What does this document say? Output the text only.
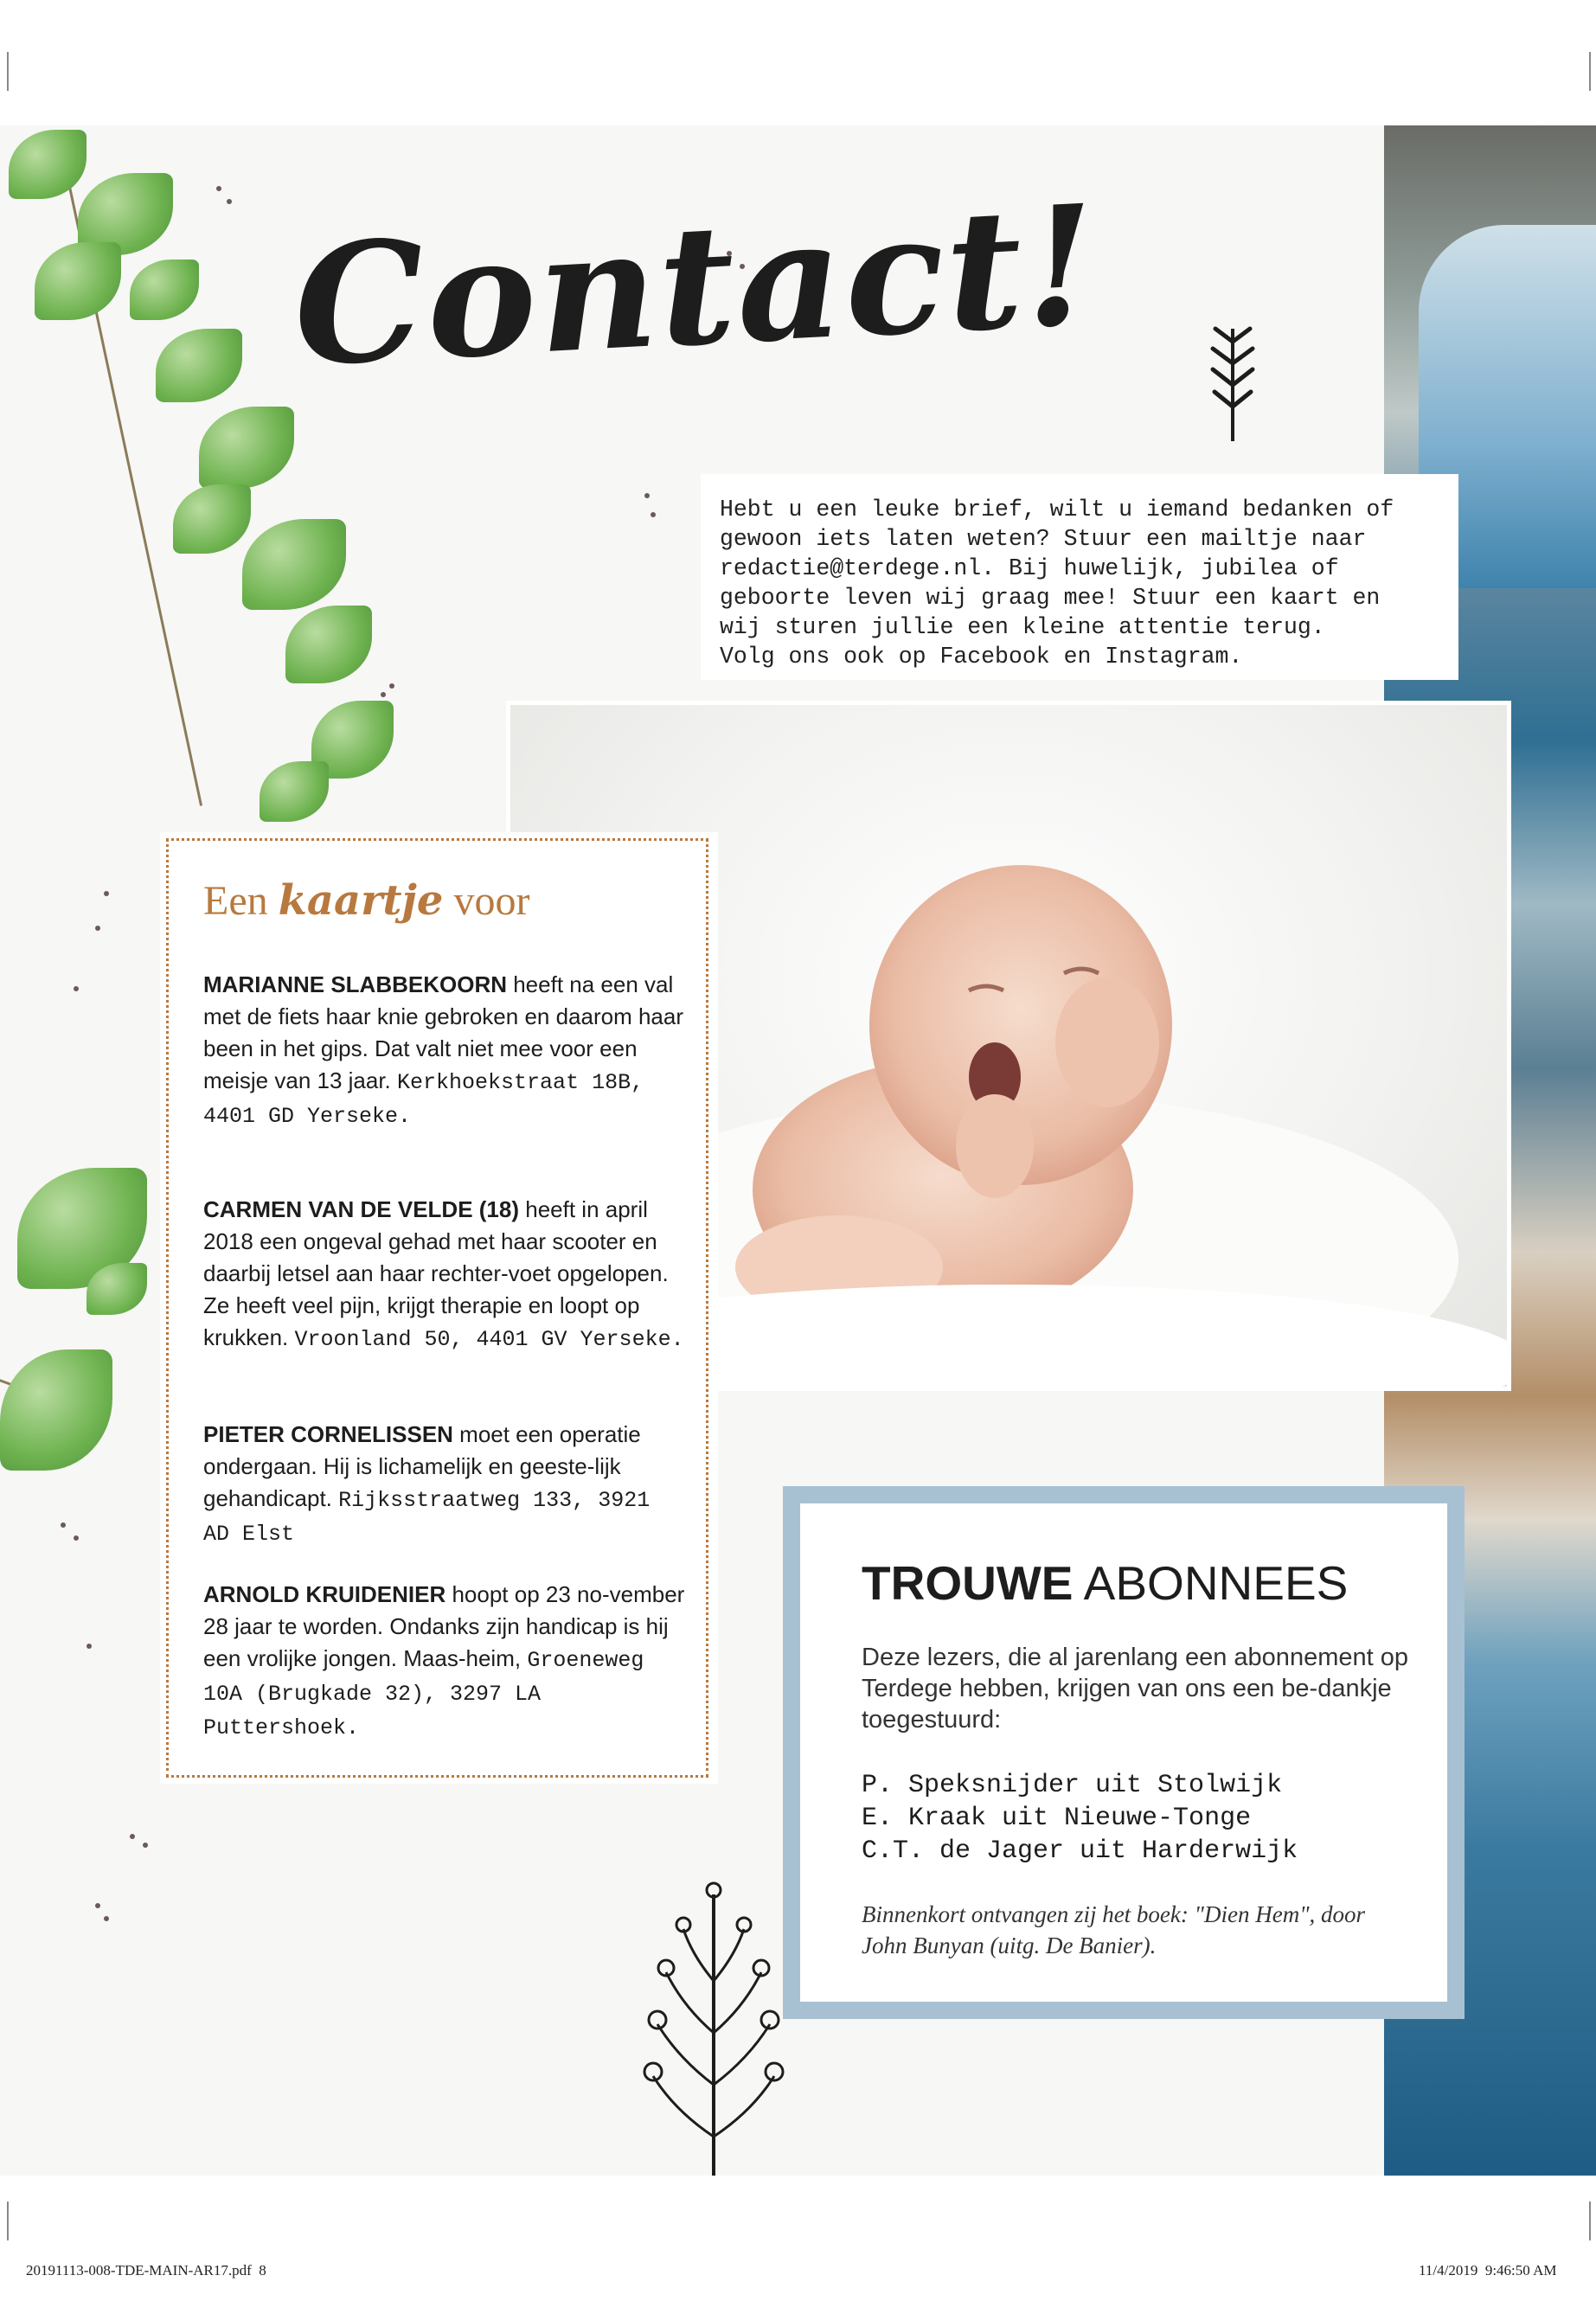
Contact!

Hebt u een leuke brief, wilt u iemand bedanken of

gewoon iets laten weten? Stuur een mailtje naar

redactie@terdege.nl. Bij huwelijk, jubilea of

geboorte leven wij graag mee! Stuur een kaart en

wij sturen jullie een kleine attentie terug.

Volg ons ook op Facebook en Instagram.

Een kaartje voor
MARIANNE SLABBEKOORN heeft na een val met de fiets haar knie gebroken en daarom haar been in het gips. Dat valt niet mee voor een meisje van 13 jaar. Kerkhoekstraat 18B, 4401 GD Yerseke.
CARMEN VAN DE VELDE (18) heeft in april 2018 een ongeval gehad met haar scooter en daarbij letsel aan haar rechter-voet opgelopen. Ze heeft veel pijn, krijgt therapie en loopt op krukken. Vroonland 50, 4401 GV Yerseke.
PIETER CORNELISSEN moet een operatie ondergaan. Hij is lichamelijk en geeste-lijk gehandicapt. Rijksstraatweg 133, 3921 AD Elst
ARNOLD KRUIDENIER hoopt op 23 no-vember 28 jaar te worden. Ondanks zijn handicap is hij een vrolijke jongen. Maas-heim, Groeneweg 10A (Brugkade 32), 3297 LA Puttershoek.
TROUWE ABONNEES
Deze lezers, die al jarenlang een abonnement op Terdege hebben, krijgen van ons een be-dankje toegestuurd:
P. Speksnijder uit Stolwijk
E. Kraak uit Nieuwe-Tonge
C.T. de Jager uit Harderwijk
Binnenkort ontvangen zij het boek: "Dien Hem", door John Bunyan (uitg. De Banier).
20191113-008-TDE-MAIN-AR17.pdf  8	11/4/2019  9:46:50 AM
